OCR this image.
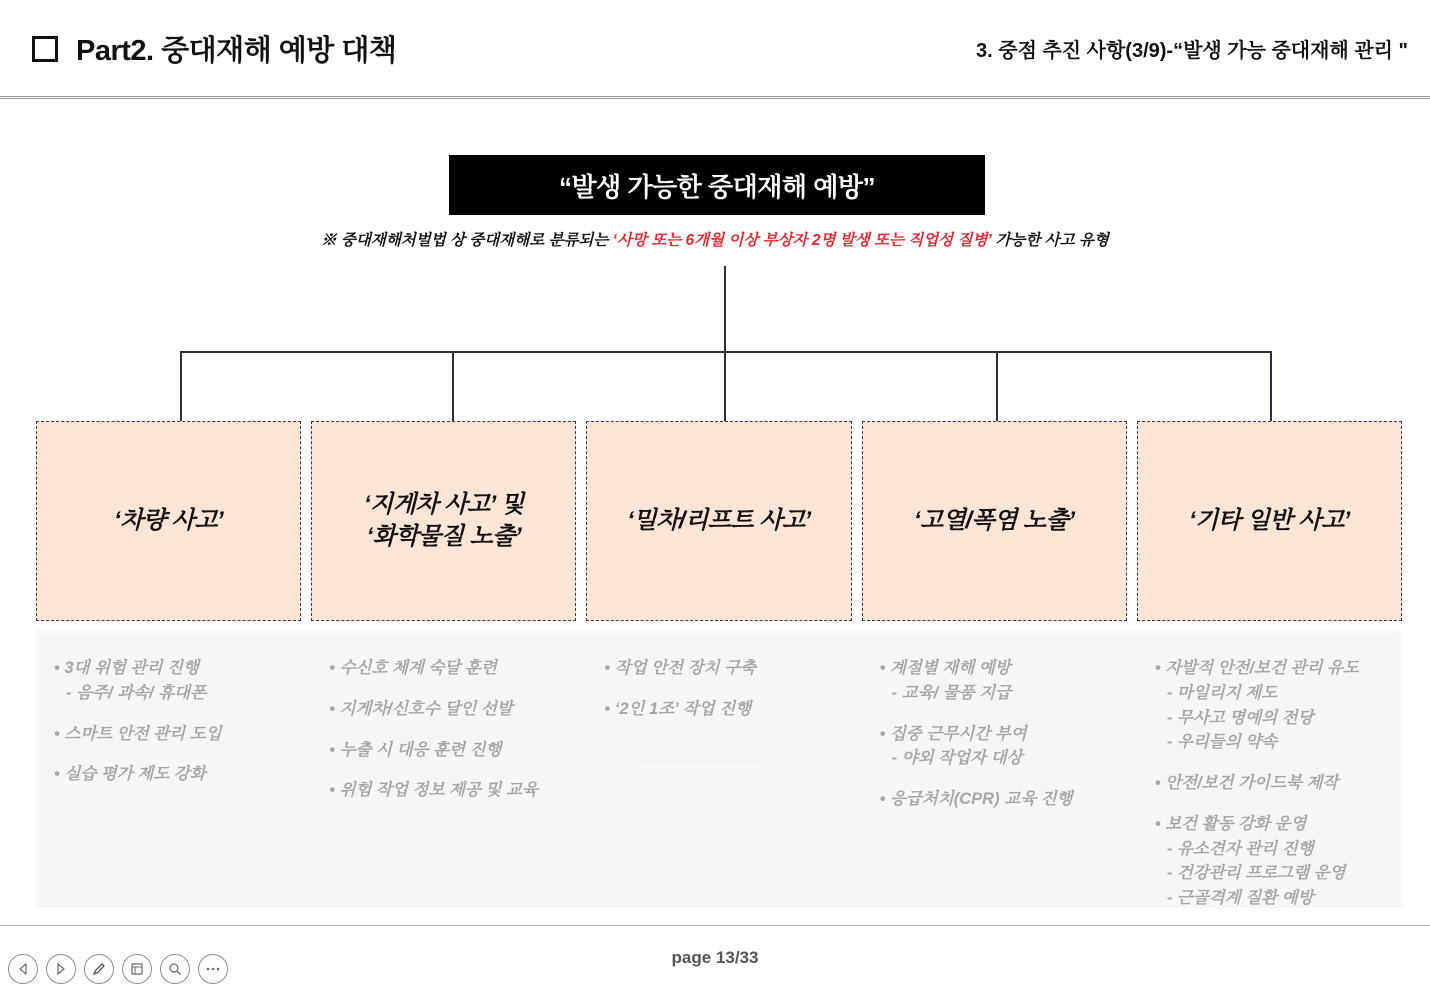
Part2. 중대재해 예방 대책	3. 중점 추진 사항(3/9)-“발생 가능 중대재해 관리 "
“발생 가능한 중대재해 예방”
※ 중대재해처벌법 상 중대재해로 분류되는 ‘사망 또는 6개월 이상 부상자 2명 발생 또는 직업성 질병’ 가능한 사고 유형
‘차량 사고’
‘지게차 사고’ 및
‘화학물질 노출’
‘밀차/리프트 사고’	‘고열/폭염 노출’	‘기타 일반 사고’
• 3대 위험 관리 진행
- 음주/ 과속/ 휴대폰
• 스마트 안전 관리 도입
• 실습 평가 제도 강화
• 수신호 체계 숙달 훈련
• 지게차/신호수 달인 선발
• 누출 시 대응 훈련 진행
• 위험 작업 정보 제공 및 교육
• 작업 안전 장치 구축
• ‘2인 1조’ 작업 진행
• 계절별 재해 예방
- 교육/ 물품 지급
• 집중 근무시간 부여
- 야외 작업자 대상
• 응급처치(CPR) 교육 진행
• 자발적 안전/보건 관리 유도
- 마일리지 제도
- 무사고 명예의 전당
- 우리들의 약속
• 안전/보건 가이드북 제작
• 보건 활동 강화 운영
- 유소견자 관리 진행
- 건강관리 프로그램 운영
- 근골격계 질환 예방
page 13/33
